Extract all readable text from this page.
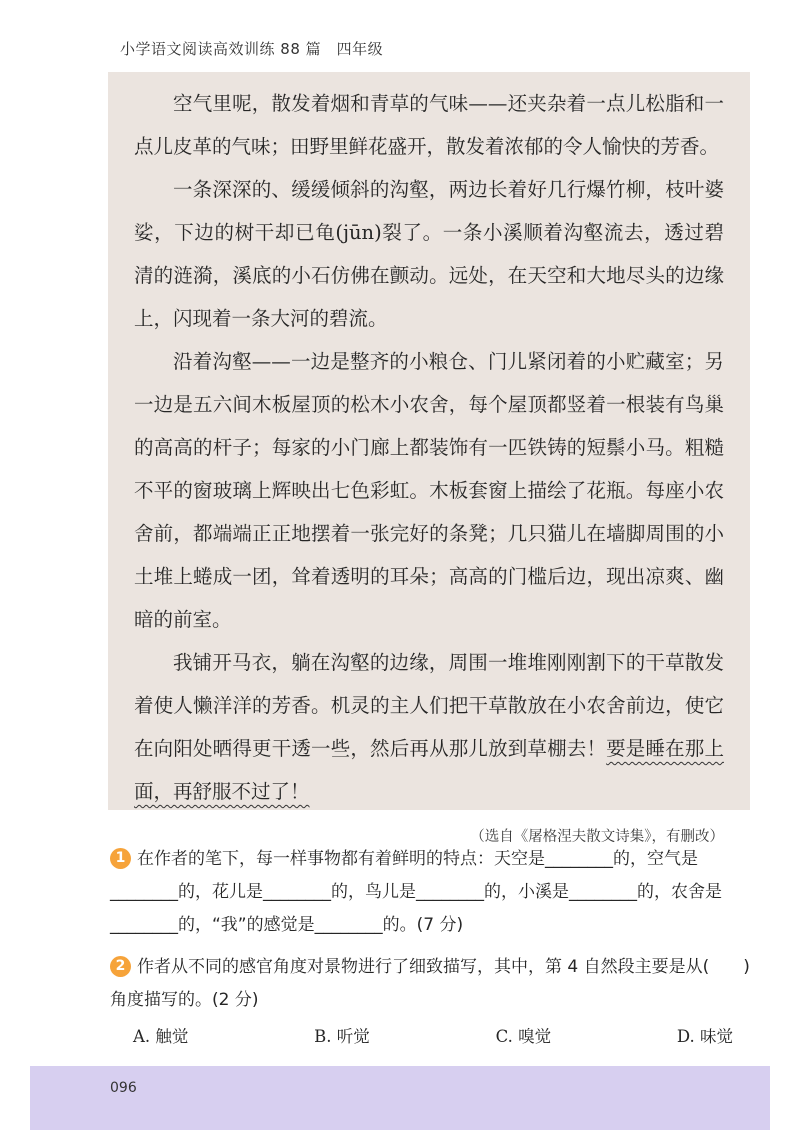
小学语文阅读高效训练 88 篇　四年级

空气里呢，散发着烟和青草的气味——还夹杂着一点儿松脂和一点儿皮革的气味；田野里鲜花盛开，散发着浓郁的令人愉快的芳香。

一条深深的、缓缓倾斜的沟壑，两边长着好几行爆竹柳，枝叶婆娑，下边的树干却已龟(jūn)裂了。一条小溪顺着沟壑流去，透过碧清的涟漪，溪底的小石仿佛在颤动。远处，在天空和大地尽头的边缘上，闪现着一条大河的碧流。

沿着沟壑——一边是整齐的小粮仓、门儿紧闭着的小贮藏室；另一边是五六间木板屋顶的松木小农舍，每个屋顶都竖着一根装有鸟巢的高高的杆子；每家的小门廊上都装饰有一匹铁铸的短鬃小马。粗糙不平的窗玻璃上辉映出七色彩虹。木板套窗上描绘了花瓶。每座小农舍前，都端端正正地摆着一张完好的条凳；几只猫儿在墙脚周围的小土堆上蜷成一团，耸着透明的耳朵；高高的门槛后边，现出凉爽、幽暗的前室。

我铺开马衣，躺在沟壑的边缘，周围一堆堆刚刚割下的干草散发着使人懒洋洋的芳香。机灵的主人们把干草散放在小农舍前边，使它在向阳处晒得更干透一些，然后再从那儿放到草棚去！要是睡在那上面，再舒服不过了！

（选自《屠格涅夫散文诗集》，有删改）
1 在作者的笔下，每一样事物都有着鲜明的特点：天空是________的，空气是________的，花儿是________的，鸟儿是________的，小溪是________的，农舍是________的，“我”的感觉是________的。(7 分)
2 作者从不同的感官角度对景物进行了细致描写，其中，第 4 自然段主要是从(　　)角度描写的。(2 分)
A. 触觉	B. 听觉	C. 嗅觉	D. 味觉
096
